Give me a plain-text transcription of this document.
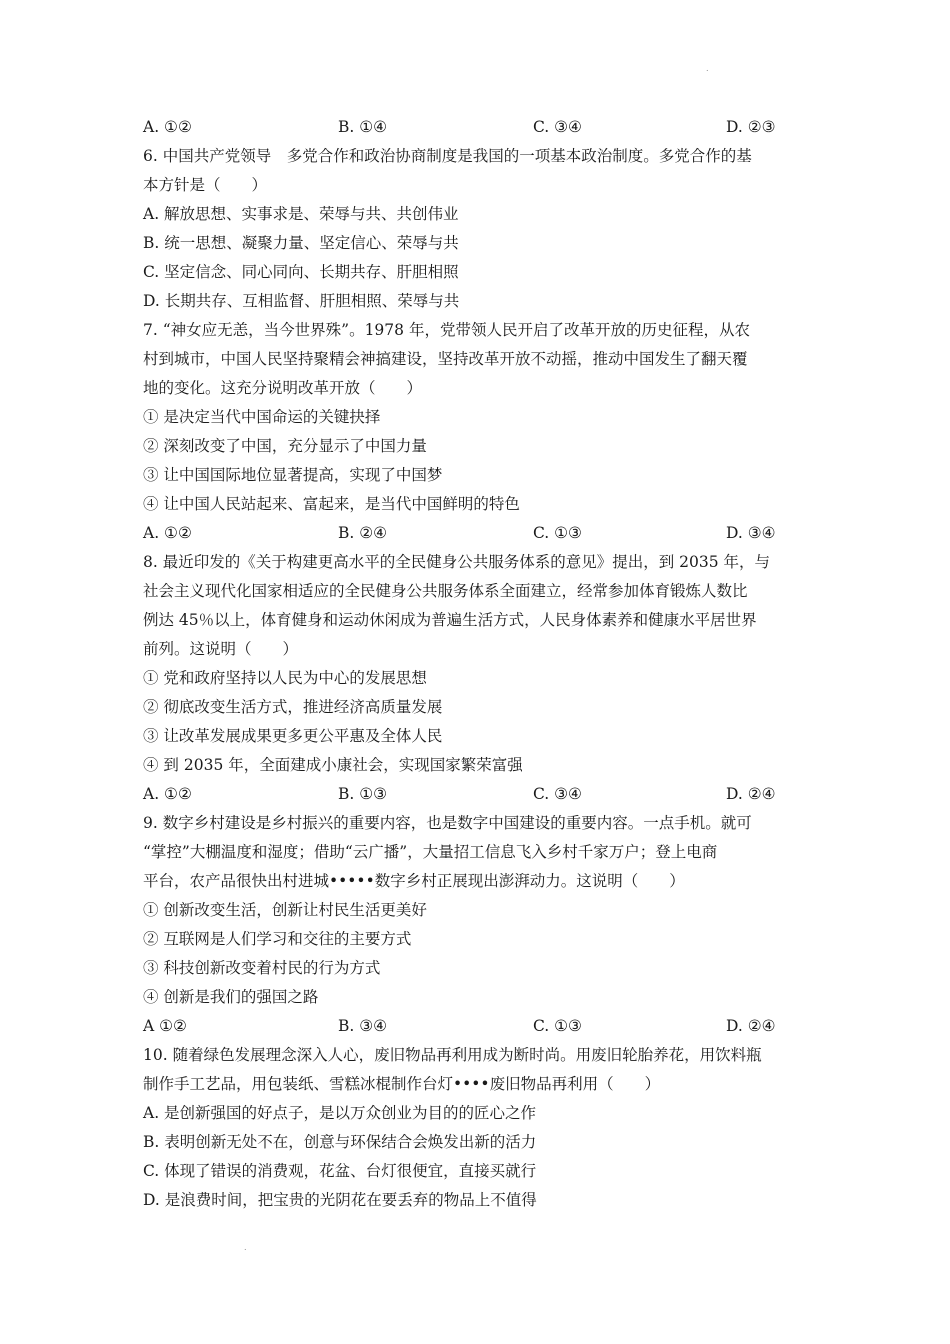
.
.
A. ①②	B. ①④	C. ③④	D. ②③
6. 中国共产党领导　多党合作和政治协商制度是我国的一项基本政治制度。多党合作的基
本方针是（　　）
A. 解放思想、实事求是、荣辱与共、共创伟业
B. 统一思想、凝聚力量、坚定信心、荣辱与共
C. 坚定信念、同心同向、长期共存、肝胆相照
D. 长期共存、互相监督、肝胆相照、荣辱与共
7. “神女应无恙，当今世界殊”。1978 年，党带领人民开启了改革开放的历史征程，从农
村到城市，中国人民坚持聚精会神搞建设，坚持改革开放不动摇，推动中国发生了翻天覆
地的变化。这充分说明改革开放（　　）
① 是决定当代中国命运的关键抉择
② 深刻改变了中国，充分显示了中国力量
③ 让中国国际地位显著提高，实现了中国梦
④ 让中国人民站起来、富起来，是当代中国鲜明的特色
A. ①②	B. ②④	C. ①③	D. ③④
8. 最近印发的《关于构建更高水平的全民健身公共服务体系的意见》提出，到 2035 年，与
社会主义现代化国家相适应的全民健身公共服务体系全面建立，经常参加体育锻炼人数比
例达 45％以上，体育健身和运动休闲成为普遍生活方式，人民身体素养和健康水平居世界
前列。这说明（　　）
① 党和政府坚持以人民为中心的发展思想
② 彻底改变生活方式，推进经济高质量发展
③ 让改革发展成果更多更公平惠及全体人民
④ 到 2035 年，全面建成小康社会，实现国家繁荣富强
A. ①②	B. ①③	C. ③④	D. ②④
9. 数字乡村建设是乡村振兴的重要内容，也是数字中国建设的重要内容。一点手机。就可
“掌控”大棚温度和湿度；借助“云广播”，大量招工信息飞入乡村千家万户；登上电商
平台，农产品很快出村进城•••••数字乡村正展现出澎湃动力。这说明（　　）
① 创新改变生活，创新让村民生活更美好
② 互联网是人们学习和交往的主要方式
③ 科技创新改变着村民的行为方式
④ 创新是我们的强国之路
A ①②	B. ③④	C. ①③	D. ②④
10. 随着绿色发展理念深入人心，废旧物品再利用成为断时尚。用废旧轮胎养花，用饮料瓶
制作手工艺品，用包装纸、雪糕冰棍制作台灯••••废旧物品再利用（　　）
A. 是创新强国的好点子，是以万众创业为目的的匠心之作
B. 表明创新无处不在，创意与环保结合会焕发出新的活力
C. 体现了错误的消费观，花盆、台灯很便宜，直接买就行
D. 是浪费时间，把宝贵的光阴花在要丢弃的物品上不值得
